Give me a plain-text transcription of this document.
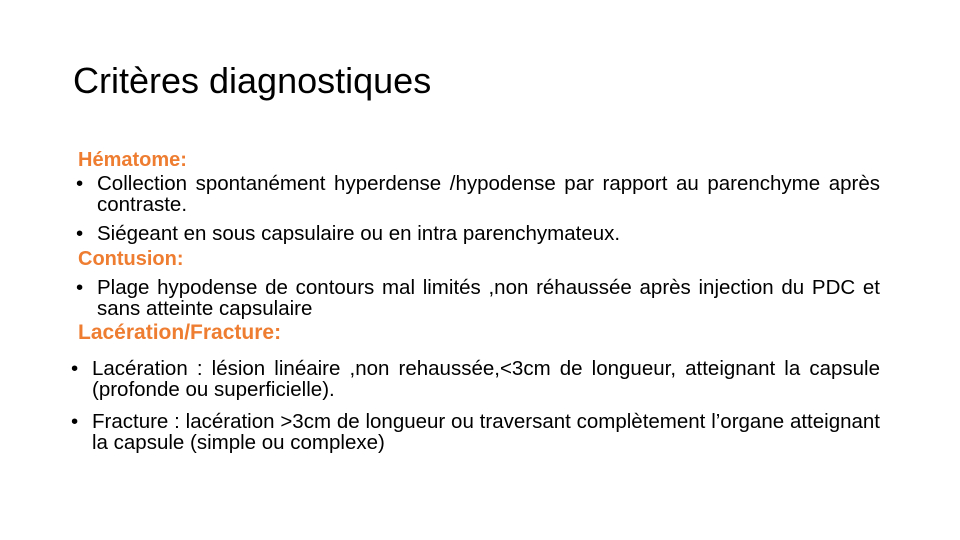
Critères diagnostiques
Hématome:
• Collection spontanément hyperdense /hypodense par rapport au parenchyme après contraste.
• Siégeant en sous capsulaire ou en intra parenchymateux.
Contusion:
• Plage hypodense de contours mal limités ,non réhaussée après injection du PDC et sans atteinte capsulaire
Lacération/Fracture:
• Lacération : lésion linéaire ,non rehaussée,<3cm de longueur, atteignant la capsule (profonde ou superficielle).
• Fracture : lacération >3cm de longueur ou traversant complètement l’organe atteignant la capsule (simple ou complexe)
